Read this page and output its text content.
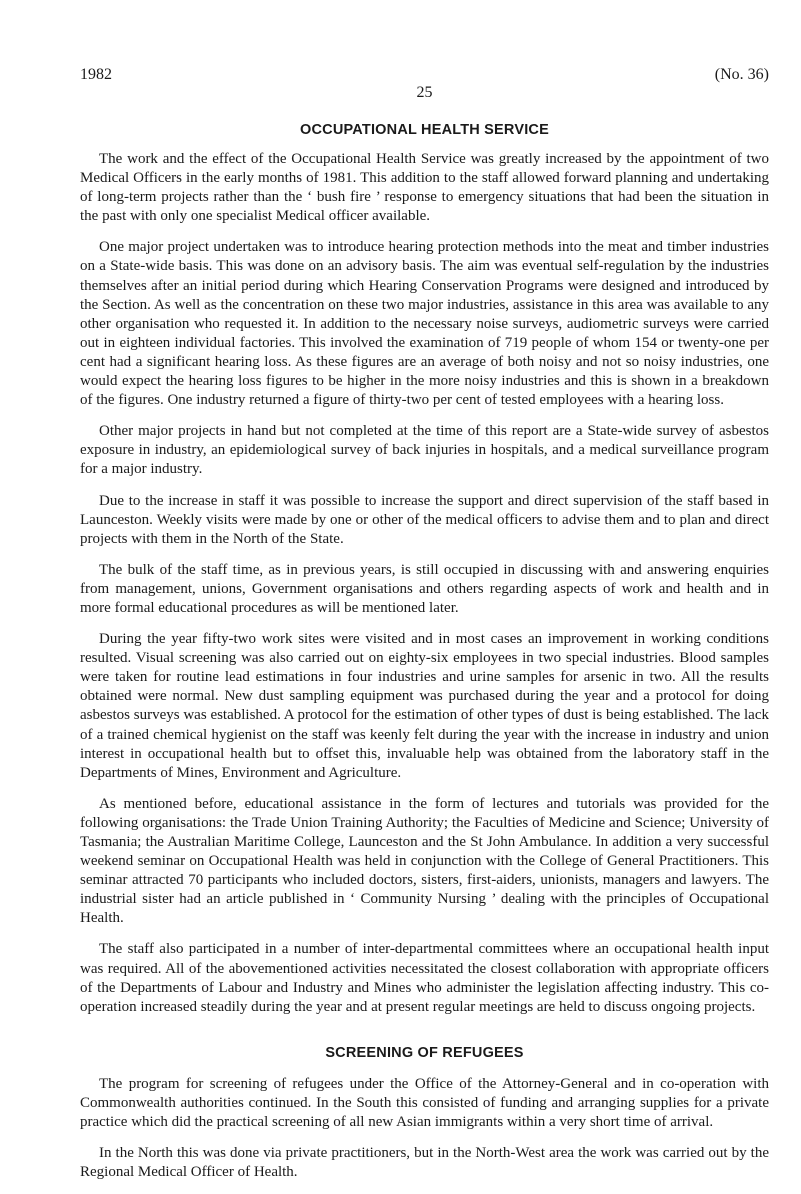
1982
25
(No. 36)
OCCUPATIONAL HEALTH SERVICE

The work and the effect of the Occupational Health Service was greatly increased by the appointment of two Medical Officers in the early months of 1981. This addition to the staff allowed forward planning and undertaking of long-term projects rather than the ‘ bush fire ’ response to emergency situations that had been the situation in the past with only one specialist Medical officer available.

One major project undertaken was to introduce hearing protection methods into the meat and timber industries on a State-wide basis. This was done on an advisory basis. The aim was eventual self-regulation by the industries themselves after an initial period during which Hearing Conservation Programs were designed and introduced by the Section. As well as the concentration on these two major industries, assistance in this area was available to any other organisation who requested it. In addition to the necessary noise surveys, audiometric surveys were carried out in eighteen individual factories. This involved the examination of 719 people of whom 154 or twenty-one per cent had a significant hearing loss. As these figures are an average of both noisy and not so noisy industries, one would expect the hearing loss figures to be higher in the more noisy industries and this is shown in a breakdown of the figures. One industry returned a figure of thirty-two per cent of tested employees with a hearing loss.

Other major projects in hand but not completed at the time of this report are a State-wide survey of asbestos exposure in industry, an epidemiological survey of back injuries in hospitals, and a medical surveillance program for a major industry.

Due to the increase in staff it was possible to increase the support and direct supervision of the staff based in Launceston. Weekly visits were made by one or other of the medical officers to advise them and to plan and direct projects with them in the North of the State.

The bulk of the staff time, as in previous years, is still occupied in discussing with and answering enquiries from management, unions, Government organisations and others regarding aspects of work and health and in more formal educational procedures as will be mentioned later.

During the year fifty-two work sites were visited and in most cases an improvement in working conditions resulted. Visual screening was also carried out on eighty-six employees in two special industries. Blood samples were taken for routine lead estimations in four industries and urine samples for arsenic in two. All the results obtained were normal. New dust sampling equipment was purchased during the year and a protocol for doing asbestos surveys was established. A protocol for the estimation of other types of dust is being established. The lack of a trained chemical hygienist on the staff was keenly felt during the year with the increase in industry and union interest in occupational health but to offset this, invaluable help was obtained from the laboratory staff in the Departments of Mines, Environment and Agriculture.

As mentioned before, educational assistance in the form of lectures and tutorials was provided for the following organisations: the Trade Union Training Authority; the Faculties of Medicine and Science; University of Tasmania; the Australian Maritime College, Launceston and the St John Ambulance. In addition a very successful weekend seminar on Occupational Health was held in conjunction with the College of General Practitioners. This seminar attracted 70 participants who included doctors, sisters, first-aiders, unionists, managers and lawyers. The industrial sister had an article published in ‘ Community Nursing ’ dealing with the principles of Occupational Health.

The staff also participated in a number of inter-departmental committees where an occupational health input was required. All of the abovementioned activities necessitated the closest collaboration with appropriate officers of the Departments of Labour and Industry and Mines who administer the legislation affecting industry. This co-operation increased steadily during the year and at present regular meetings are held to discuss ongoing projects.

SCREENING OF REFUGEES

The program for screening of refugees under the Office of the Attorney-General and in co-operation with Commonwealth authorities continued. In the South this consisted of funding and arranging supplies for a private practice which did the practical screening of all new Asian immigrants within a very short time of arrival.

In the North this was done via private practitioners, but in the North-West area the work was carried out by the Regional Medical Officer of Health.
